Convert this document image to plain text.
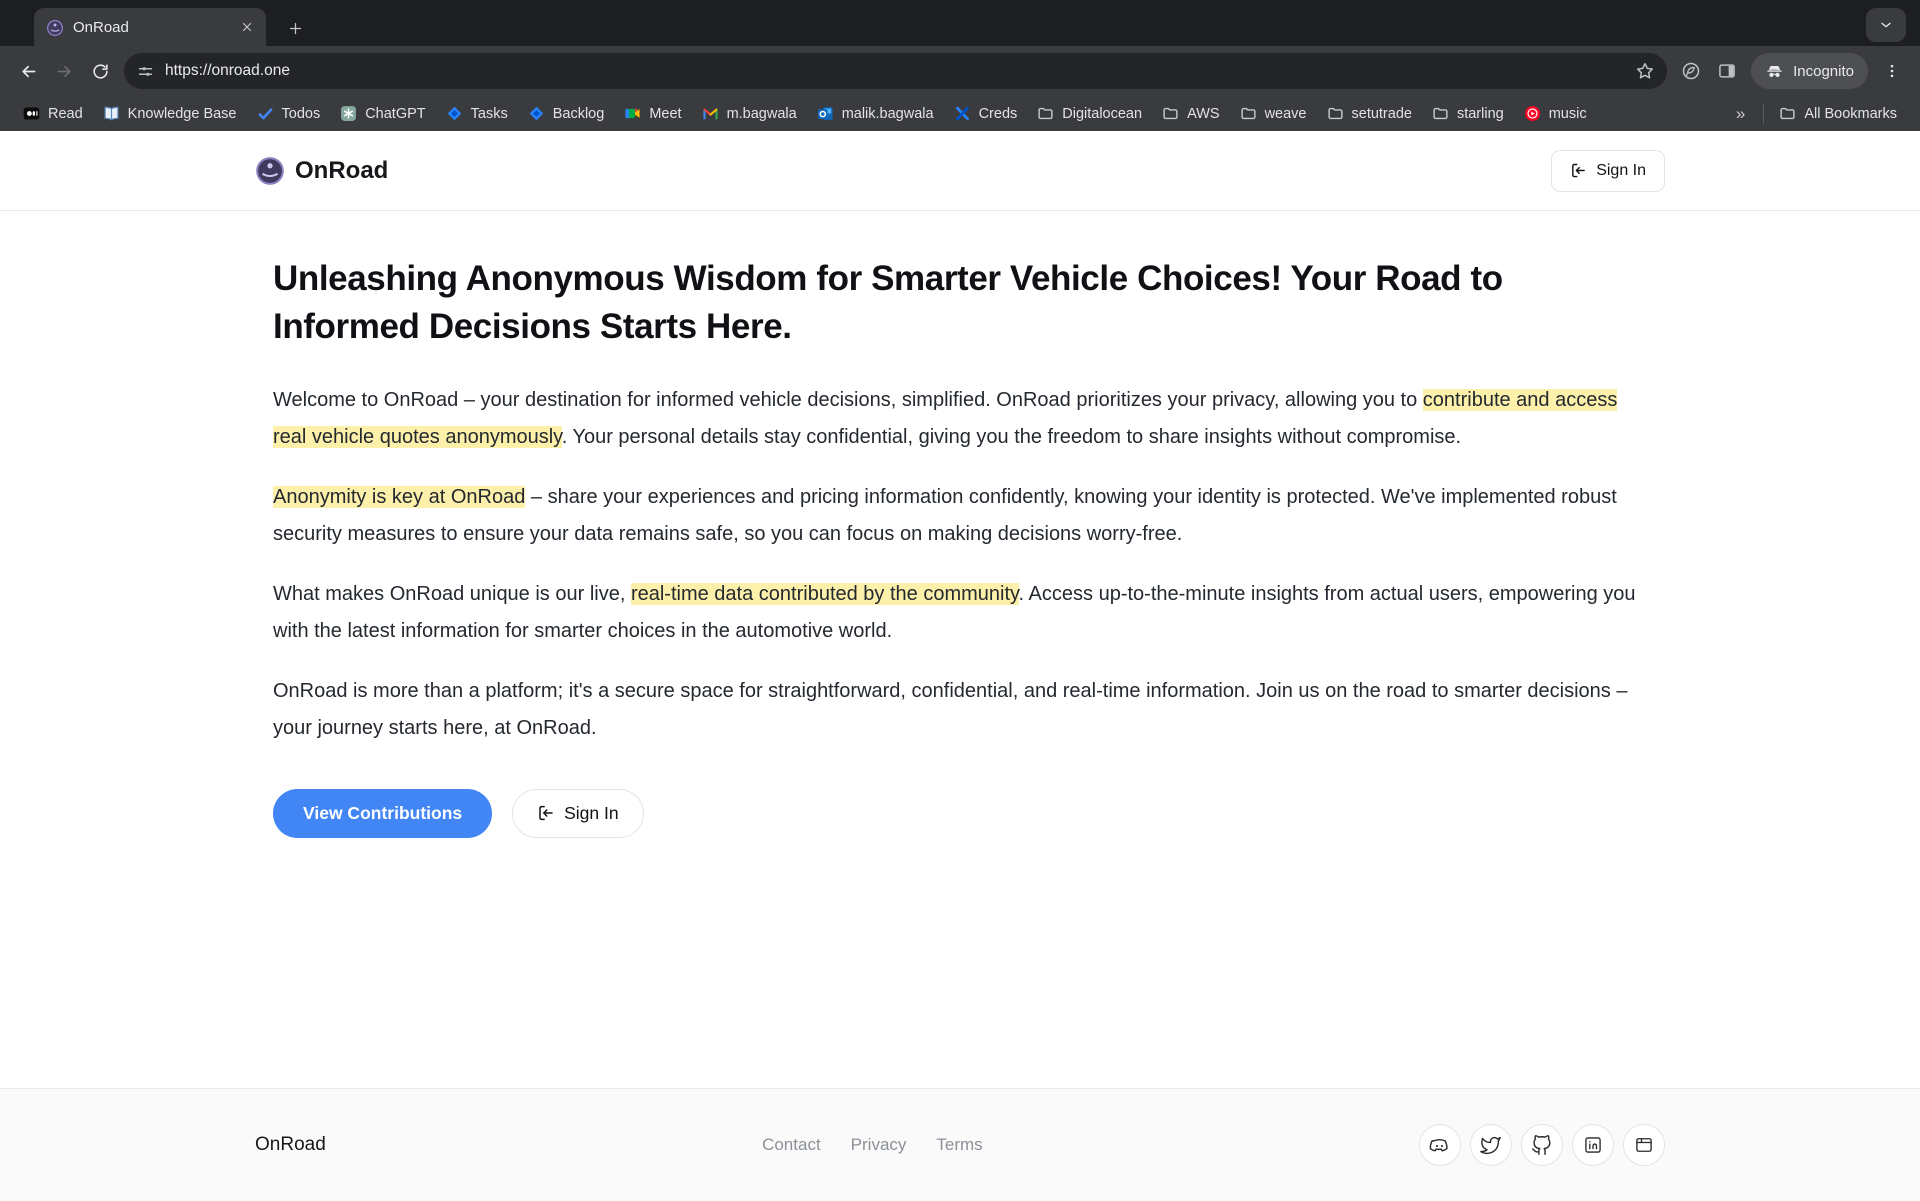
OnRoad
https://onroad.one	Incognito
Read	Knowledge Base	Todos	ChatGPT	Tasks	Backlog	Meet	m.bagwala	malik.bagwala	Creds	Digitalocean	AWS	weave	setutrade	starling	music	»	All Bookmarks
OnRoad	Sign In
Unleashing Anonymous Wisdom for Smarter Vehicle Choices! Your Road to Informed Decisions Starts Here.

Welcome to OnRoad – your destination for informed vehicle decisions, simplified. OnRoad prioritizes your privacy, allowing you to contribute and access real vehicle quotes anonymously. Your personal details stay confidential, giving you the freedom to share insights without compromise.

Anonymity is key at OnRoad – share your experiences and pricing information confidently, knowing your identity is protected. We've implemented robust security measures to ensure your data remains safe, so you can focus on making decisions worry-free.

What makes OnRoad unique is our live, real-time data contributed by the community. Access up-to-the-minute insights from actual users, empowering you with the latest information for smarter choices in the automotive world.

OnRoad is more than a platform; it's a secure space for straightforward, confidential, and real-time information. Join us on the road to smarter decisions – your journey starts here, at OnRoad.

View Contributions	Sign In
OnRoad	Contact Privacy Terms
